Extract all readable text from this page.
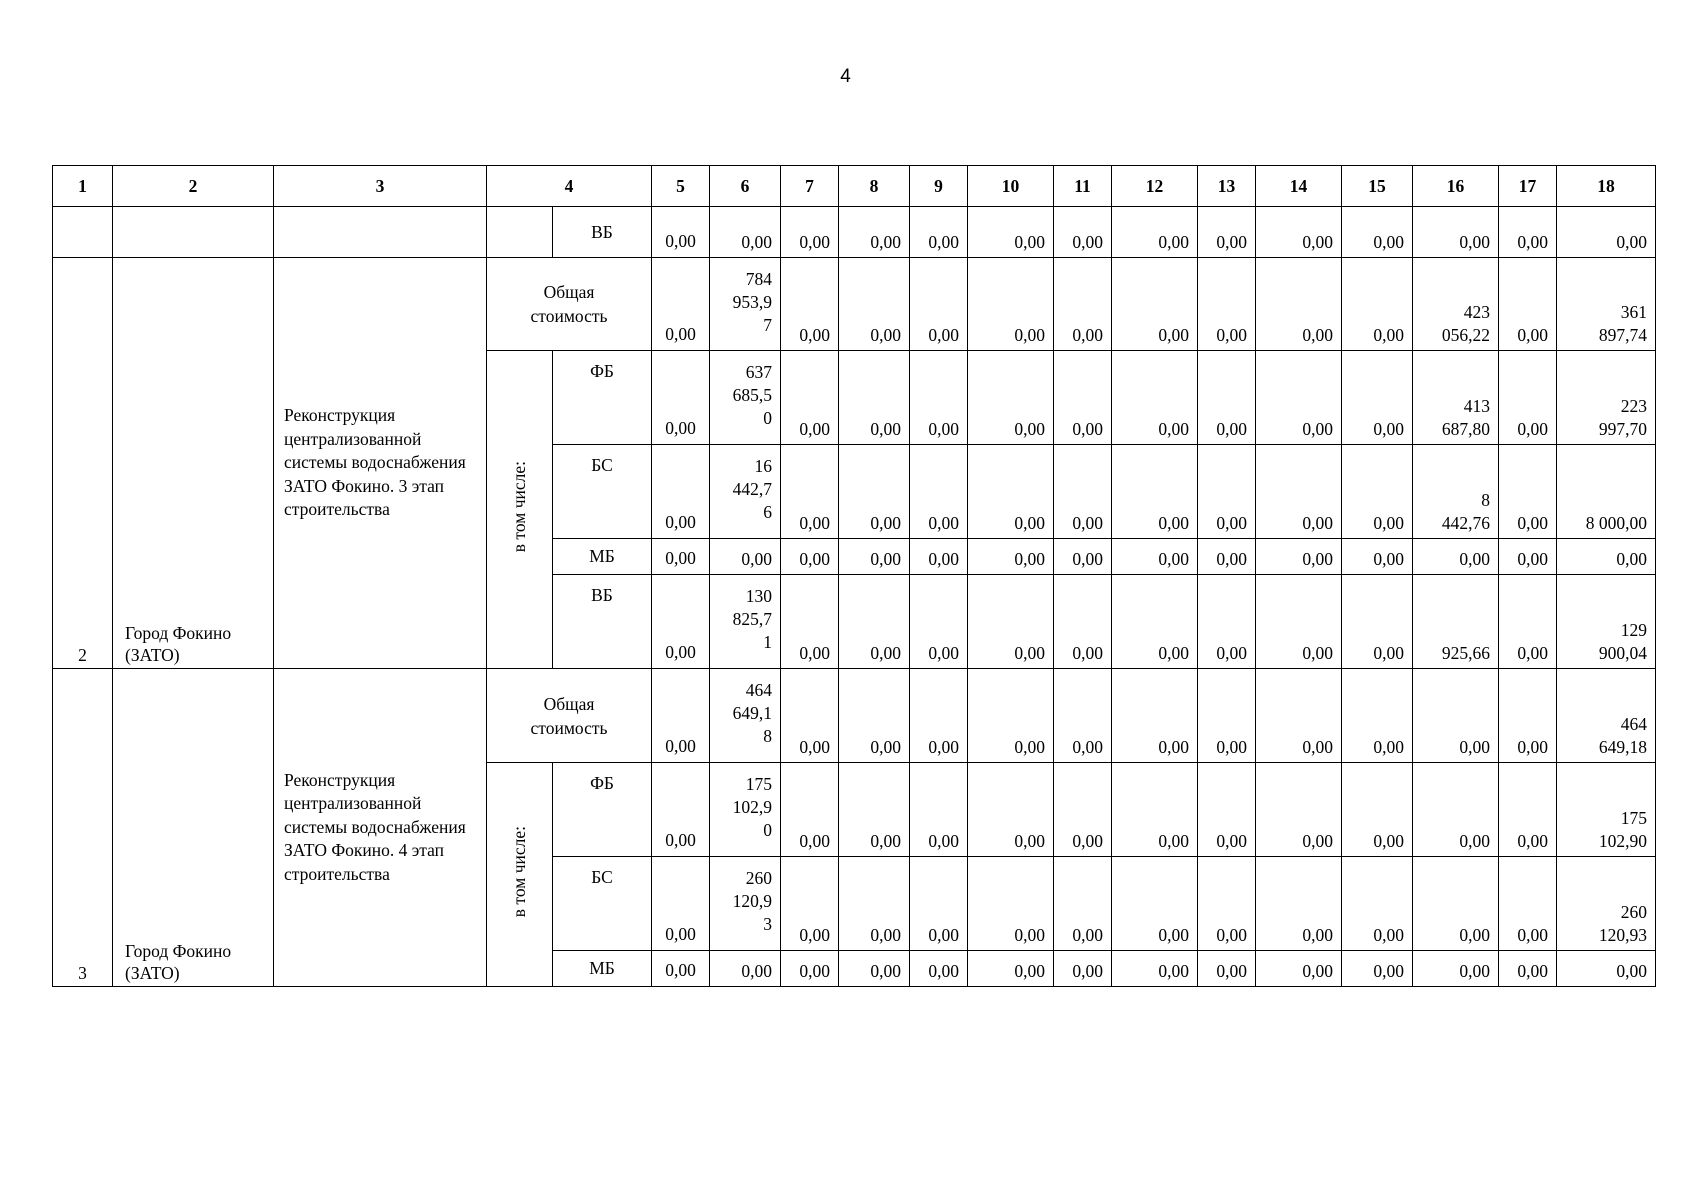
4
1	2	3	4		5	6	7	8	9	10	11	12	13	14	15	16	17	18
				ВБ	0,00	0,00	0,00	0,00	0,00	0,00	0,00	0,00	0,00	0,00	0,00	0,00	0,00	0,00
2	Город Фокино
(ЗАТО)	Реконструкция централизованной системы водоснабжения ЗАТО Фокино. 3 этап строительства	Общая
стоимость		0,00	784
953,9
7	0,00	0,00	0,00	0,00	0,00	0,00	0,00	0,00	0,00	423
056,22	0,00	361
897,74
			в том числе:	ФБ	0,00	637
685,5
0	0,00	0,00	0,00	0,00	0,00	0,00	0,00	0,00	0,00	413
687,80	0,00	223
997,70
				БС	0,00	16
442,7
6	0,00	0,00	0,00	0,00	0,00	0,00	0,00	0,00	0,00	8
442,76	0,00	8 000,00
				МБ	0,00	0,00	0,00	0,00	0,00	0,00	0,00	0,00	0,00	0,00	0,00	0,00	0,00	0,00
				ВБ	0,00	130
825,7
1	0,00	0,00	0,00	0,00	0,00	0,00	0,00	0,00	0,00	925,66	0,00	129
900,04
3	Город Фокино
(ЗАТО)	Реконструкция централизованной системы водоснабжения ЗАТО Фокино. 4 этап строительства	Общая
стоимость		0,00	464
649,1
8	0,00	0,00	0,00	0,00	0,00	0,00	0,00	0,00	0,00	0,00	0,00	464
649,18
			в том числе:	ФБ	0,00	175
102,9
0	0,00	0,00	0,00	0,00	0,00	0,00	0,00	0,00	0,00	0,00	0,00	175
102,90
				БС	0,00	260
120,9
3	0,00	0,00	0,00	0,00	0,00	0,00	0,00	0,00	0,00	0,00	0,00	260
120,93
				МБ	0,00	0,00	0,00	0,00	0,00	0,00	0,00	0,00	0,00	0,00	0,00	0,00	0,00	0,00
